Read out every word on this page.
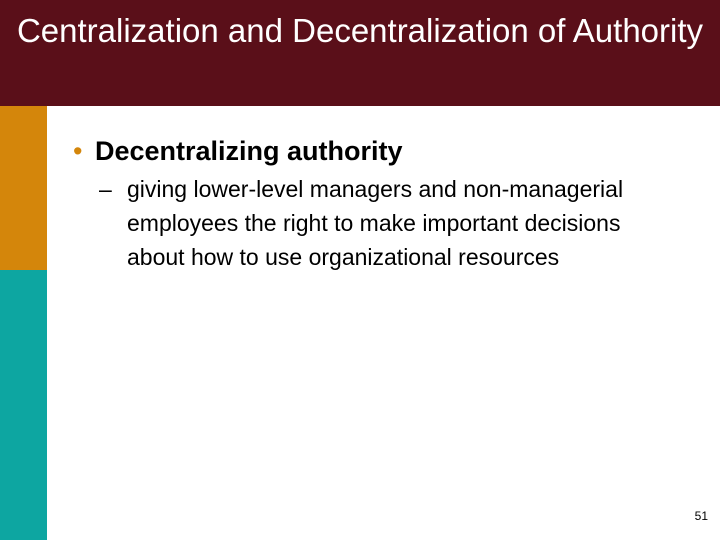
Centralization and Decentralization of Authority
• Decentralizing authority
– giving lower-level managers and non-managerial employees the right to make important decisions about how to use organizational resources
51
